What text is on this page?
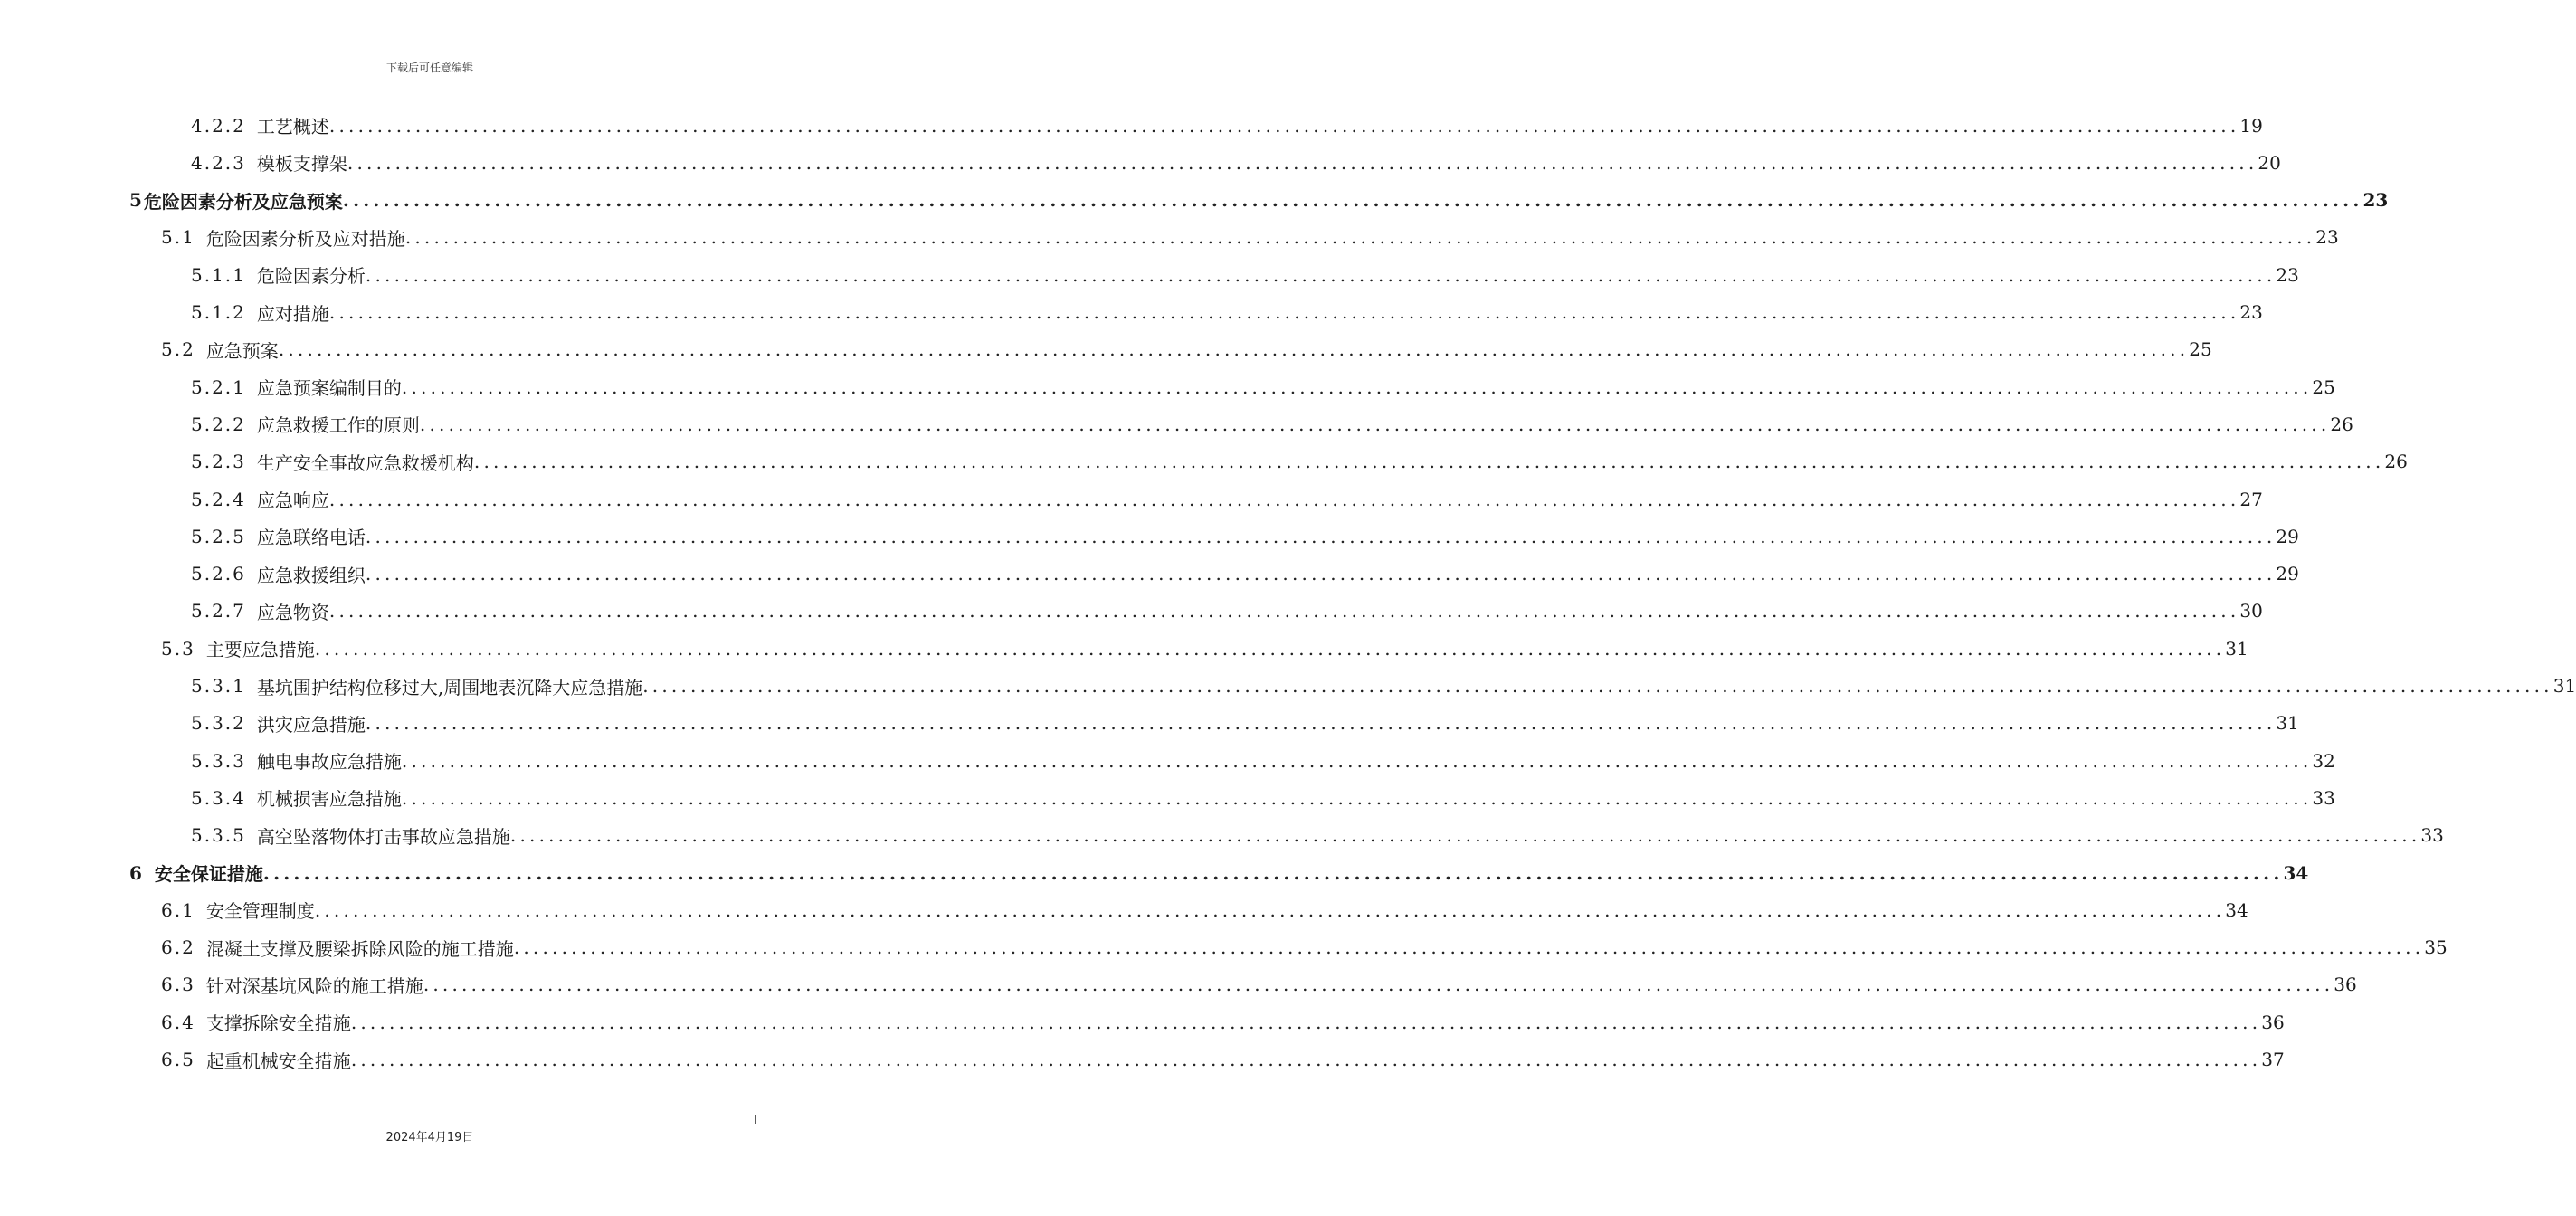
下载后可任意编辑
4.2.2 工艺概述 ........................................................................................................................................................................................................ 19
4.2.3 模板支撑架 ........................................................................................................................................................................................................ 20
5 危险因素分析及应急预案 ........................................................................................................................................................................................................ 23
5.1 危险因素分析及应对措施 ........................................................................................................................................................................................................ 23
5.1.1 危险因素分析 ........................................................................................................................................................................................................ 23
5.1.2 应对措施 ........................................................................................................................................................................................................ 23
5.2 应急预案 ........................................................................................................................................................................................................ 25
5.2.1 应急预案编制目的 ........................................................................................................................................................................................................ 25
5.2.2 应急救援工作的原则 ........................................................................................................................................................................................................ 26
5.2.3 生产安全事故应急救援机构 ........................................................................................................................................................................................................ 26
5.2.4 应急响应 ........................................................................................................................................................................................................ 27
5.2.5 应急联络电话 ........................................................................................................................................................................................................ 29
5.2.6 应急救援组织 ........................................................................................................................................................................................................ 29
5.2.7 应急物资 ........................................................................................................................................................................................................ 30
5.3 主要应急措施 ........................................................................................................................................................................................................ 31
5.3.1 基坑围护结构位移过大,周围地表沉降大应急措施 ........................................................................................................................................................................................................ 31
5.3.2 洪灾应急措施 ........................................................................................................................................................................................................ 31
5.3.3 触电事故应急措施 ........................................................................................................................................................................................................ 32
5.3.4 机械损害应急措施 ........................................................................................................................................................................................................ 33
5.3.5 高空坠落物体打击事故应急措施 ........................................................................................................................................................................................................ 33
6 安全保证措施 ........................................................................................................................................................................................................ 34
6.1 安全管理制度 ........................................................................................................................................................................................................ 34
6.2 混凝土支撑及腰梁拆除风险的施工措施 ........................................................................................................................................................................................................ 35
6.3 针对深基坑风险的施工措施 ........................................................................................................................................................................................................ 36
6.4 支撑拆除安全措施 ........................................................................................................................................................................................................ 36
6.5 起重机械安全措施 ........................................................................................................................................................................................................ 37
I
2024年4月19日
